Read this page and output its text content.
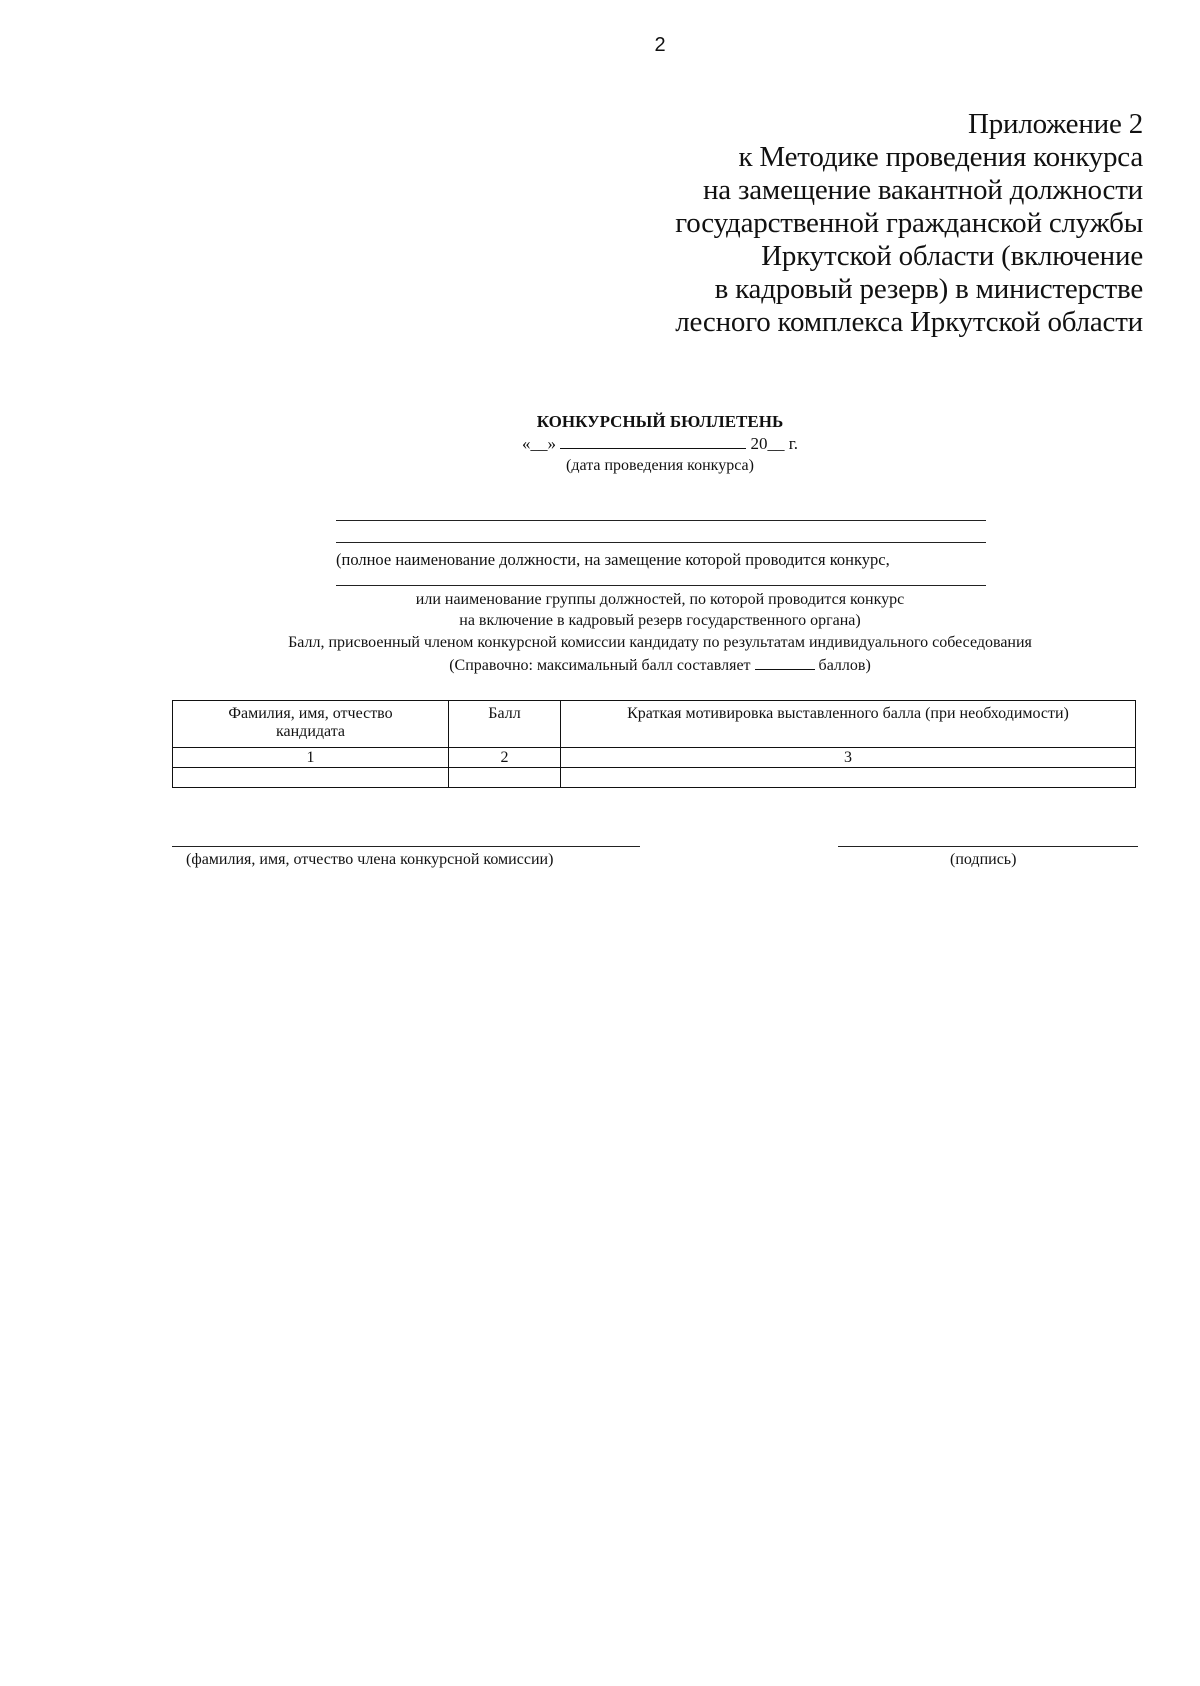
2
Приложение 2
к Методике проведения конкурса
на замещение вакантной должности
государственной гражданской службы
Иркутской области (включение
в кадровый резерв) в министерстве
лесного комплекса Иркутской области
КОНКУРСНЫЙ БЮЛЛЕТЕНЬ
«__»	20__ г.
(дата проведения конкурса)
(полное наименование должности, на замещение которой проводится конкурс,
или наименование группы должностей, по которой проводится конкурс
на включение в кадровый резерв государственного органа)
Балл, присвоенный членом конкурсной комиссии кандидату по результатам индивидуального собеседования
(Справочно: максимальный балл составляет	баллов)
Фамилия, имя, отчество кандидата	Балл	Краткая мотивировка выставленного балла (при необходимости)
1	2	3

(фамилия, имя, отчество члена конкурсной комиссии)	(подпись)
